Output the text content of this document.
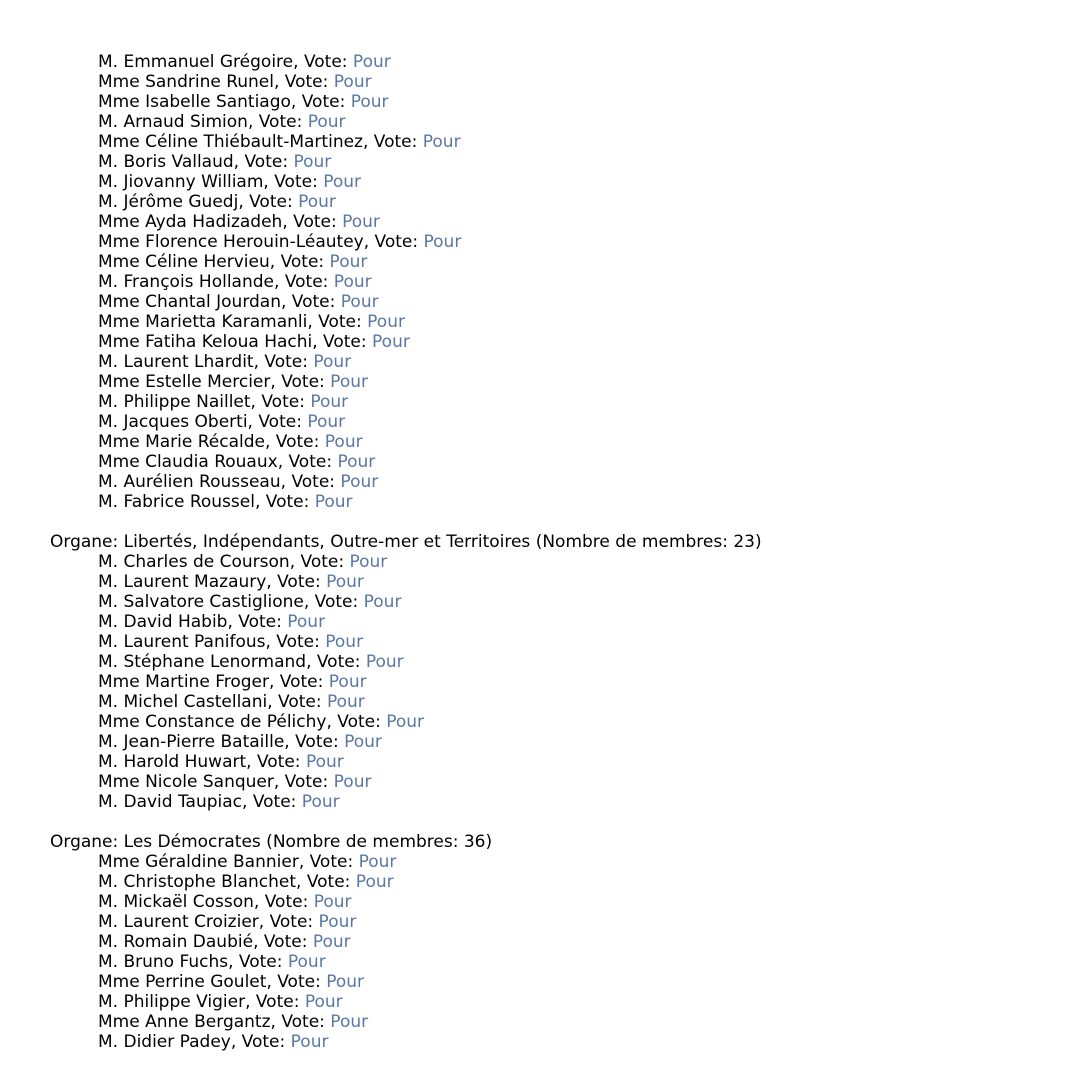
M. Emmanuel Grégoire, Vote: Pour
Mme Sandrine Runel, Vote: Pour
Mme Isabelle Santiago, Vote: Pour
M. Arnaud Simion, Vote: Pour
Mme Céline Thiébault-Martinez, Vote: Pour
M. Boris Vallaud, Vote: Pour
M. Jiovanny William, Vote: Pour
M. Jérôme Guedj, Vote: Pour
Mme Ayda Hadizadeh, Vote: Pour
Mme Florence Herouin-Léautey, Vote: Pour
Mme Céline Hervieu, Vote: Pour
M. François Hollande, Vote: Pour
Mme Chantal Jourdan, Vote: Pour
Mme Marietta Karamanli, Vote: Pour
Mme Fatiha Keloua Hachi, Vote: Pour
M. Laurent Lhardit, Vote: Pour
Mme Estelle Mercier, Vote: Pour
M. Philippe Naillet, Vote: Pour
M. Jacques Oberti, Vote: Pour
Mme Marie Récalde, Vote: Pour
Mme Claudia Rouaux, Vote: Pour
M. Aurélien Rousseau, Vote: Pour
M. Fabrice Roussel, Vote: Pour
Organe: Libertés, Indépendants, Outre-mer et Territoires (Nombre de membres: 23)
M. Charles de Courson, Vote: Pour
M. Laurent Mazaury, Vote: Pour
M. Salvatore Castiglione, Vote: Pour
M. David Habib, Vote: Pour
M. Laurent Panifous, Vote: Pour
M. Stéphane Lenormand, Vote: Pour
Mme Martine Froger, Vote: Pour
M. Michel Castellani, Vote: Pour
Mme Constance de Pélichy, Vote: Pour
M. Jean-Pierre Bataille, Vote: Pour
M. Harold Huwart, Vote: Pour
Mme Nicole Sanquer, Vote: Pour
M. David Taupiac, Vote: Pour
Organe: Les Démocrates (Nombre de membres: 36)
Mme Géraldine Bannier, Vote: Pour
M. Christophe Blanchet, Vote: Pour
M. Mickaël Cosson, Vote: Pour
M. Laurent Croizier, Vote: Pour
M. Romain Daubié, Vote: Pour
M. Bruno Fuchs, Vote: Pour
Mme Perrine Goulet, Vote: Pour
M. Philippe Vigier, Vote: Pour
Mme Anne Bergantz, Vote: Pour
M. Didier Padey, Vote: Pour
